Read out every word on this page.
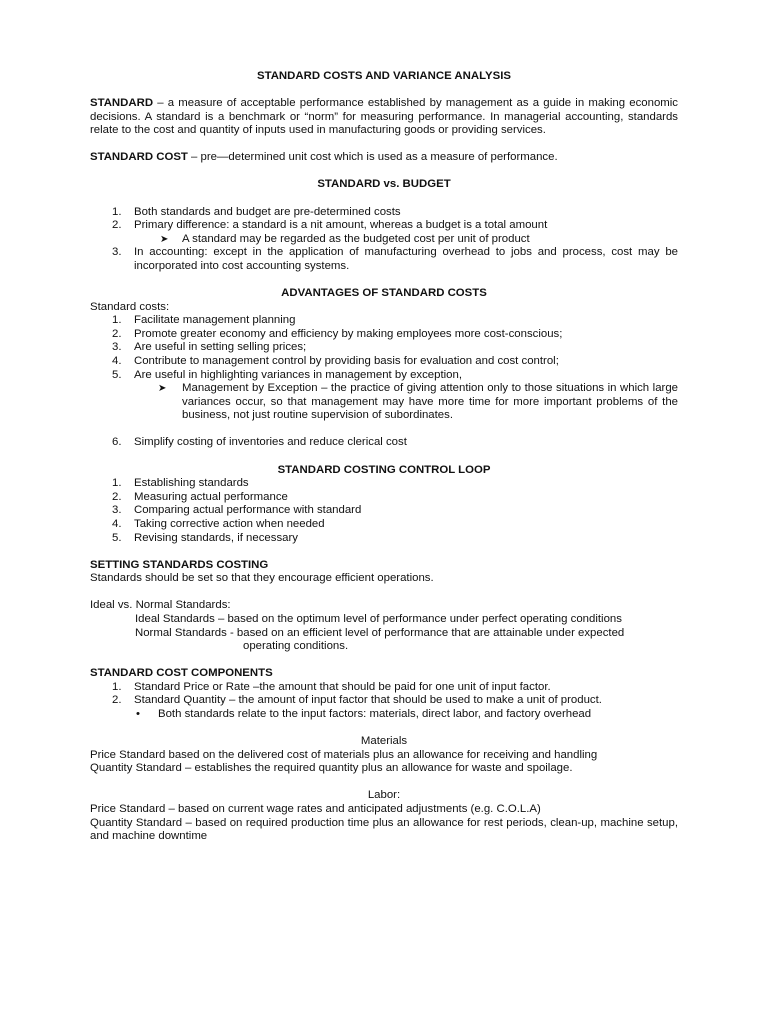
STANDARD COSTS AND VARIANCE ANALYSIS
STANDARD – a measure of acceptable performance established by management as a guide in making economic decisions. A standard is a benchmark or “norm” for measuring performance. In managerial accounting, standards relate to the cost and quantity of inputs used in manufacturing goods or providing services.
STANDARD COST – pre—determined unit cost which is used as a measure of performance.
STANDARD vs. BUDGET
1.	Both standards and budget are pre-determined costs
2.	Primary difference: a standard is a nit amount, whereas a budget is a total amount
➤	A standard may be regarded as the budgeted cost per unit of product
3.	In accounting: except in the application of manufacturing overhead to jobs and process, cost may be incorporated into cost accounting systems.
ADVANTAGES OF STANDARD COSTS
Standard costs:
1.	Facilitate management planning
2.	Promote greater economy and efficiency by making employees more cost-conscious;
3.	Are useful in setting selling prices;
4.	Contribute to management control by providing basis for evaluation and cost control;
5.	Are useful in highlighting variances in management by exception,
➤	Management by Exception – the practice of giving attention only to those situations in which large variances occur, so that management may have more time for more important problems of the business, not just routine supervision of subordinates.
6.	Simplify costing of inventories and reduce clerical cost
STANDARD COSTING CONTROL LOOP
1.	Establishing standards
2.	Measuring actual performance
3.	Comparing actual performance with standard
4.	Taking corrective action when needed
5.	Revising standards, if necessary
SETTING STANDARDS COSTING
Standards should be set so that they encourage efficient operations.
Ideal vs. Normal Standards:
Ideal Standards – based on the optimum level of performance under perfect operating conditions
Normal Standards - based on an efficient level of performance that are attainable under expected
operating conditions.
STANDARD COST COMPONENTS
1.	Standard Price or Rate –the amount that should be paid for one unit of input factor.
2.	Standard Quantity – the amount of input factor that should be used to make a unit of product.
•	Both standards relate to the input factors: materials, direct labor, and factory overhead
Materials
Price Standard based on the delivered cost of materials plus an allowance for receiving and handling
Quantity Standard – establishes the required quantity plus an allowance for waste and spoilage.
Labor:
Price Standard – based on current wage rates and anticipated adjustments (e.g. C.O.L.A)
Quantity Standard – based on required production time plus an allowance for rest periods, clean-up, machine setup, and machine downtime
